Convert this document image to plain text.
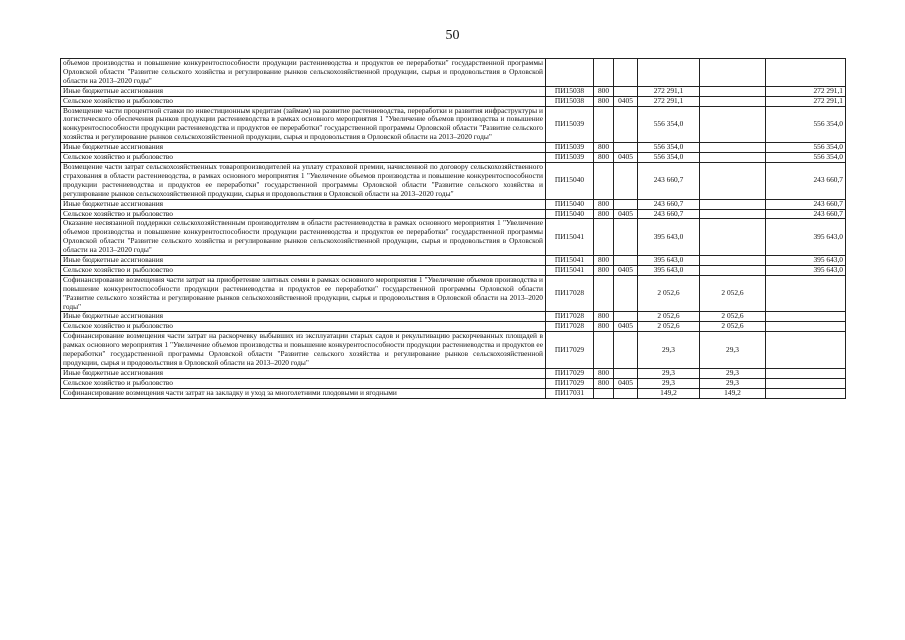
50
объемов производства и повышение конкурентоспособности продукции растениеводства и продуктов ее переработки" государственной программы Орловской области "Развитие сельского хозяйства и регулирование рынков сельскохозяйственной продукции, сырья и продовольствия в Орловской области на 2013–2020 годы"						
Иные бюджетные ассигнования	ПИ15038	800		272 291,1		272 291,1
Сельское хозяйство и рыболовство	ПИ15038	800	0405	272 291,1		272 291,1
Возмещение части процентной ставки по инвестиционным кредитам (займам) на развитие растениеводства, переработки и развития инфраструктуры и логистического обеспечения рынков продукции растениеводства в рамках основного мероприятия 1 "Увеличение объемов производства и повышение конкурентоспособности продукции растениеводства и продуктов ее переработки" государственной программы Орловской области "Развитие сельского хозяйства и регулирование рынков сельскохозяйственной продукции, сырья и продовольствия в Орловской области на 2013–2020 годы"	ПИ15039			556 354,0		556 354,0
Иные бюджетные ассигнования	ПИ15039	800		556 354,0		556 354,0
Сельское хозяйство и рыболовство	ПИ15039	800	0405	556 354,0		556 354,0
Возмещение части затрат сельскохозяйственных товаропроизводителей на уплату страховой премии, начисленной по договору сельскохозяйственного страхования в области растениеводства, в рамках основного мероприятия 1 "Увеличение объемов производства и повышение конкурентоспособности продукции растениеводства и продуктов ее переработки" государственной программы Орловской области "Развитие сельского хозяйства и регулирование рынков сельскохозяйственной продукции, сырья и продовольствия в Орловской области на 2013–2020 годы"	ПИ15040			243 660,7		243 660,7
Иные бюджетные ассигнования	ПИ15040	800		243 660,7		243 660,7
Сельское хозяйство и рыболовство	ПИ15040	800	0405	243 660,7		243 660,7
Оказание несвязанной поддержки сельскохозяйственным производителям в области растениеводства в рамках основного мероприятия 1 "Увеличение объемов производства и повышение конкурентоспособности продукции растениеводства и продуктов ее переработки" государственной программы Орловской области "Развитие сельского хозяйства и регулирование рынков сельскохозяйственной продукции, сырья и продовольствия в Орловской области на 2013–2020 годы"	ПИ15041			395 643,0		395 643,0
Иные бюджетные ассигнования	ПИ15041	800		395 643,0		395 643,0
Сельское хозяйство и рыболовство	ПИ15041	800	0405	395 643,0		395 643,0
Софинансирование возмещения части затрат на приобретение элитных семян в рамках основного мероприятия 1 "Увеличение объемов производства и повышение конкурентоспособности продукции растениеводства и продуктов ее переработки" государственной программы Орловской области "Развитие сельского хозяйства и регулирование рынков сельскохозяйственной продукции, сырья и продовольствия в Орловской области на 2013–2020 годы"	ПИ17028			2 052,6	2 052,6	
Иные бюджетные ассигнования	ПИ17028	800		2 052,6	2 052,6	
Сельское хозяйство и рыболовство	ПИ17028	800	0405	2 052,6	2 052,6	
Софинансирование возмещения части затрат на раскорчевку выбывших из эксплуатации старых садов и рекультивацию раскорчеванных площадей в рамках основного мероприятия 1 "Увеличение объемов производства и повышение конкурентоспособности продукции растениеводства и продуктов ее переработки" государственной программы Орловской области "Развитие сельского хозяйства и регулирование рынков сельскохозяйственной продукции, сырья и продовольствия в Орловской области на 2013–2020 годы"	ПИ17029			29,3	29,3	
Иные бюджетные ассигнования	ПИ17029	800		29,3	29,3	
Сельское хозяйство и рыболовство	ПИ17029	800	0405	29,3	29,3	
Софинансирование возмещения части затрат на закладку и уход за многолетними плодовыми и ягодными	ПИ17031			149,2	149,2	
